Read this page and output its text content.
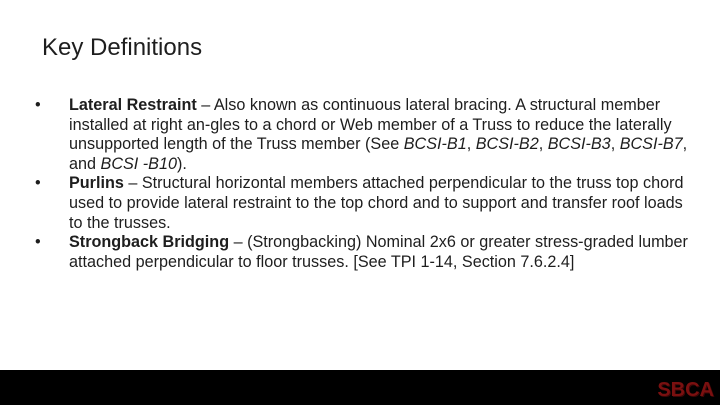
Key Definitions
• Lateral Restraint – Also known as continuous lateral bracing. A structural member installed at right an-gles to a chord or Web member of a Truss to reduce the laterally unsupported length of the Truss member (See BCSI-B1, BCSI-B2, BCSI-B3, BCSI-B7, and BCSI -B10).
• Purlins – Structural horizontal members attached perpendicular to the truss top chord used to provide lateral restraint to the top chord and to support and transfer roof loads to the trusses.
• Strongback Bridging – (Strongbacking) Nominal 2x6 or greater stress-graded lumber attached perpendicular to floor trusses. [See TPI 1-14, Section 7.6.2.4]
SBCA
